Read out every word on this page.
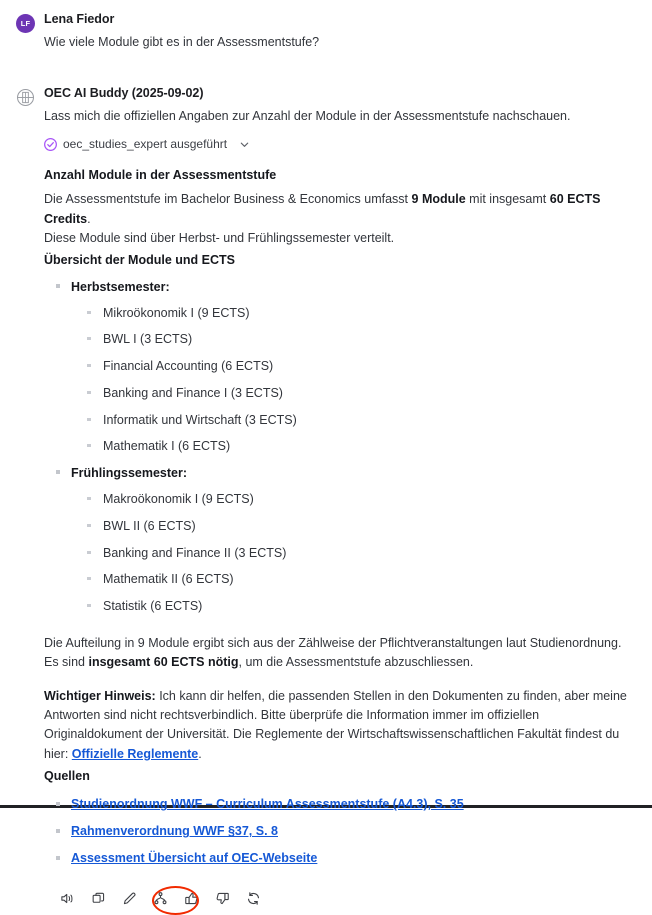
LF	Lena Fiedor

Wie viele Module gibt es in der Assessmentstufe?

OEC AI Buddy (2025-09-02)

Lass mich die offiziellen Angaben zur Anzahl der Module in der Assessmentstufe nachschauen.

oec_studies_expert ausgeführt
Anzahl Module in der Assessmentstufe

Die Assessmentstufe im Bachelor Business & Economics umfasst 9 Module mit insgesamt 60 ECTS Credits.

Diese Module sind über Herbst- und Frühlingssemester verteilt.

Übersicht der Module und ECTS
Herbstsemester:
Mikroökonomik I (9 ECTS)
BWL I (3 ECTS)
Financial Accounting (6 ECTS)
Banking and Finance I (3 ECTS)
Informatik und Wirtschaft (3 ECTS)
Mathematik I (6 ECTS)
Frühlingssemester:
Makroökonomik I (9 ECTS)
BWL II (6 ECTS)
Banking and Finance II (3 ECTS)
Mathematik II (6 ECTS)
Statistik (6 ECTS)

Die Aufteilung in 9 Module ergibt sich aus der Zählweise der Pflichtveranstaltungen laut Studienordnung. Es sind insgesamt 60 ECTS nötig, um die Assessmentstufe abzuschliessen.

Wichtiger Hinweis: Ich kann dir helfen, die passenden Stellen in den Dokumenten zu finden, aber meine Antworten sind nicht rechtsverbindlich. Bitte überprüfe die Information immer im offiziellen Originaldokument der Universität. Die Reglemente der Wirtschaftswissenschaftlichen Fakultät findest du hier: Offizielle Reglemente.

Quellen
Studienordnung WWF – Curriculum Assessmentstufe (A4.3), S. 35
Rahmenverordnung WWF §37, S. 8
Assessment Übersicht auf OEC-Webseite
